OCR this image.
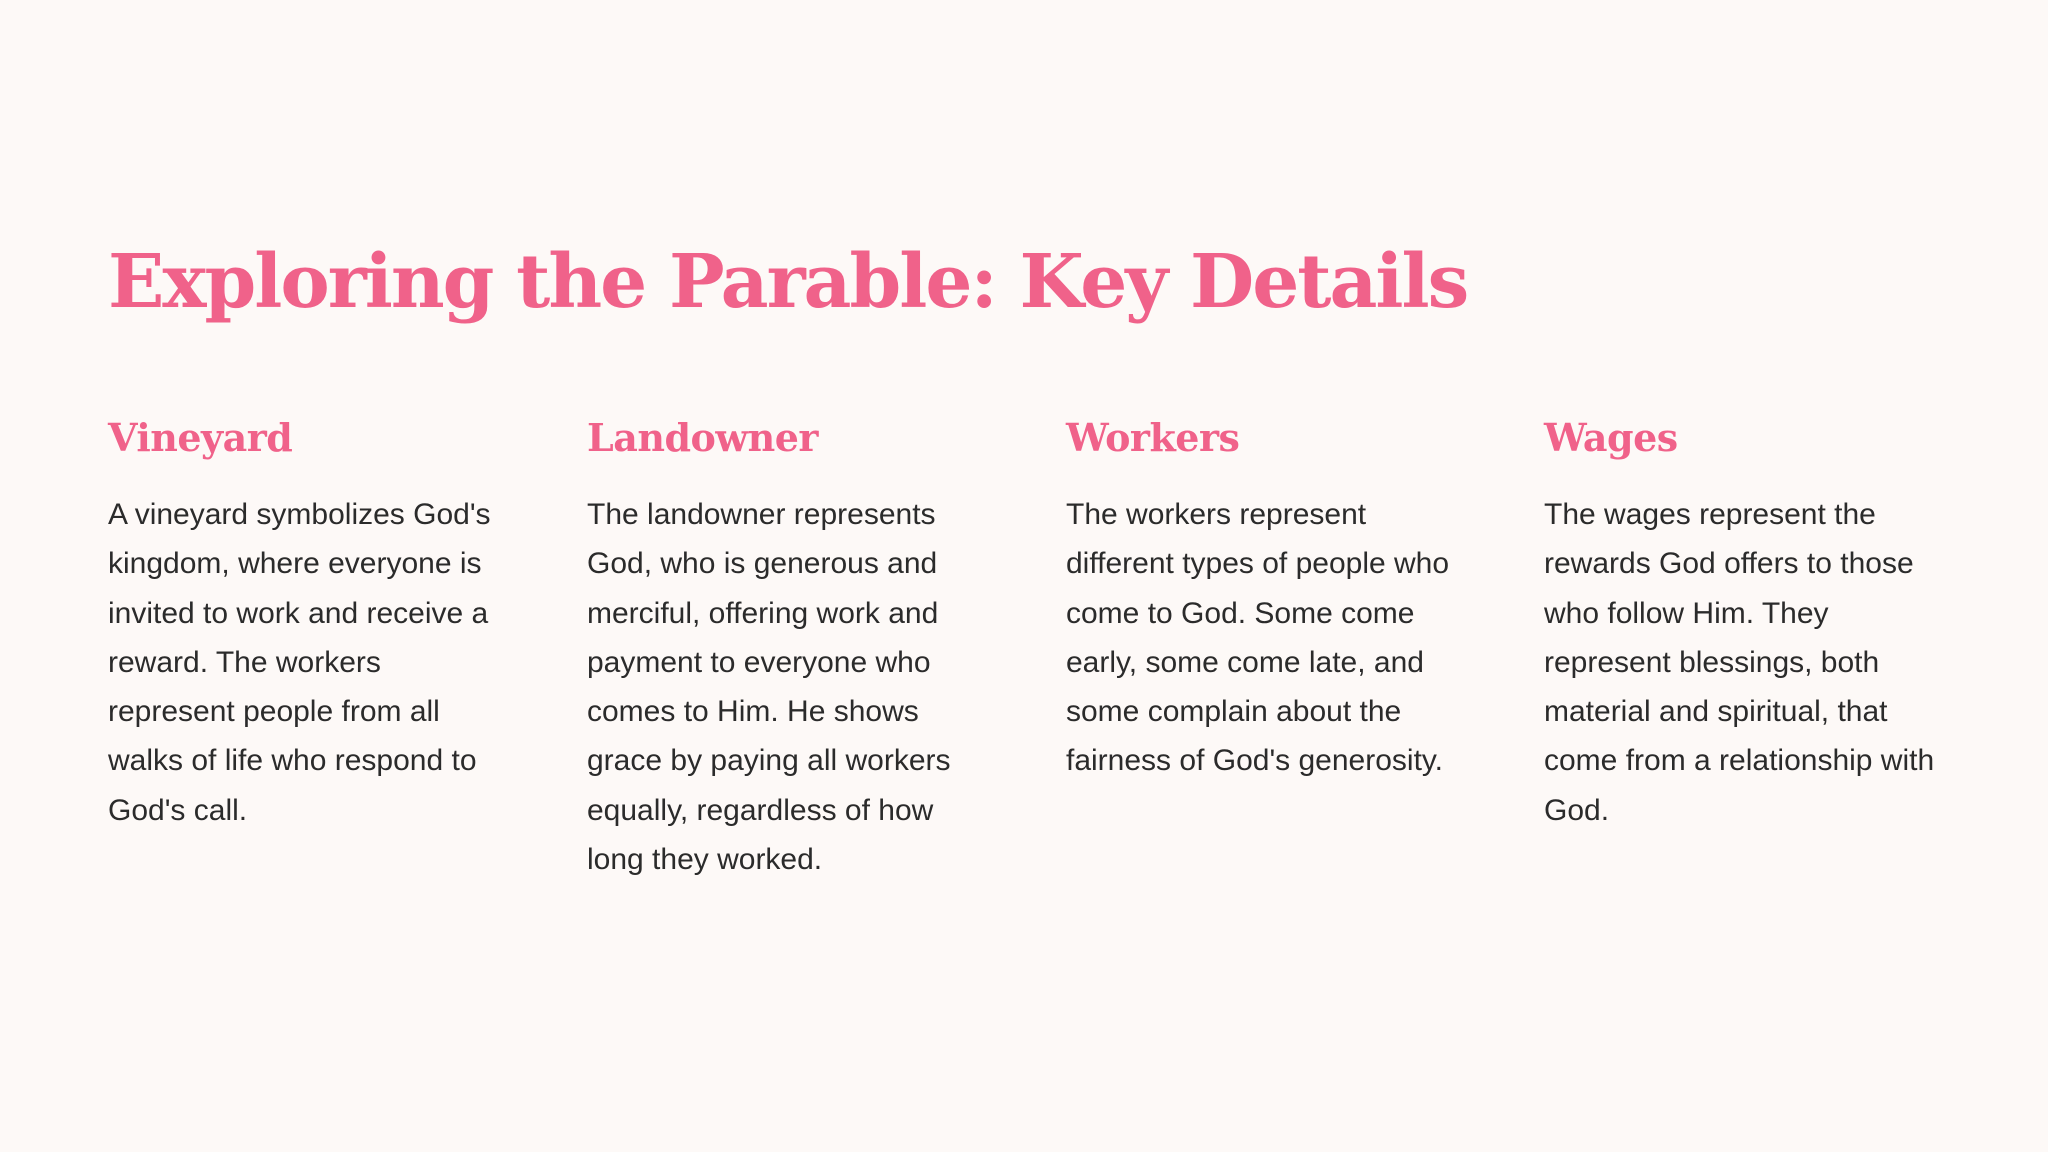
Exploring the Parable: Key Details
Vineyard

A vineyard symbolizes God's kingdom, where everyone is invited to work and receive a reward. The workers represent people from all walks of life who respond to God's call.

Landowner

The landowner represents God, who is generous and merciful, offering work and payment to everyone who comes to Him. He shows grace by paying all workers equally, regardless of how long they worked.

Workers

The workers represent different types of people who come to God. Some come early, some come late, and some complain about the fairness of God's generosity.

Wages

The wages represent the rewards God offers to those who follow Him. They represent blessings, both material and spiritual, that come from a relationship with God.
